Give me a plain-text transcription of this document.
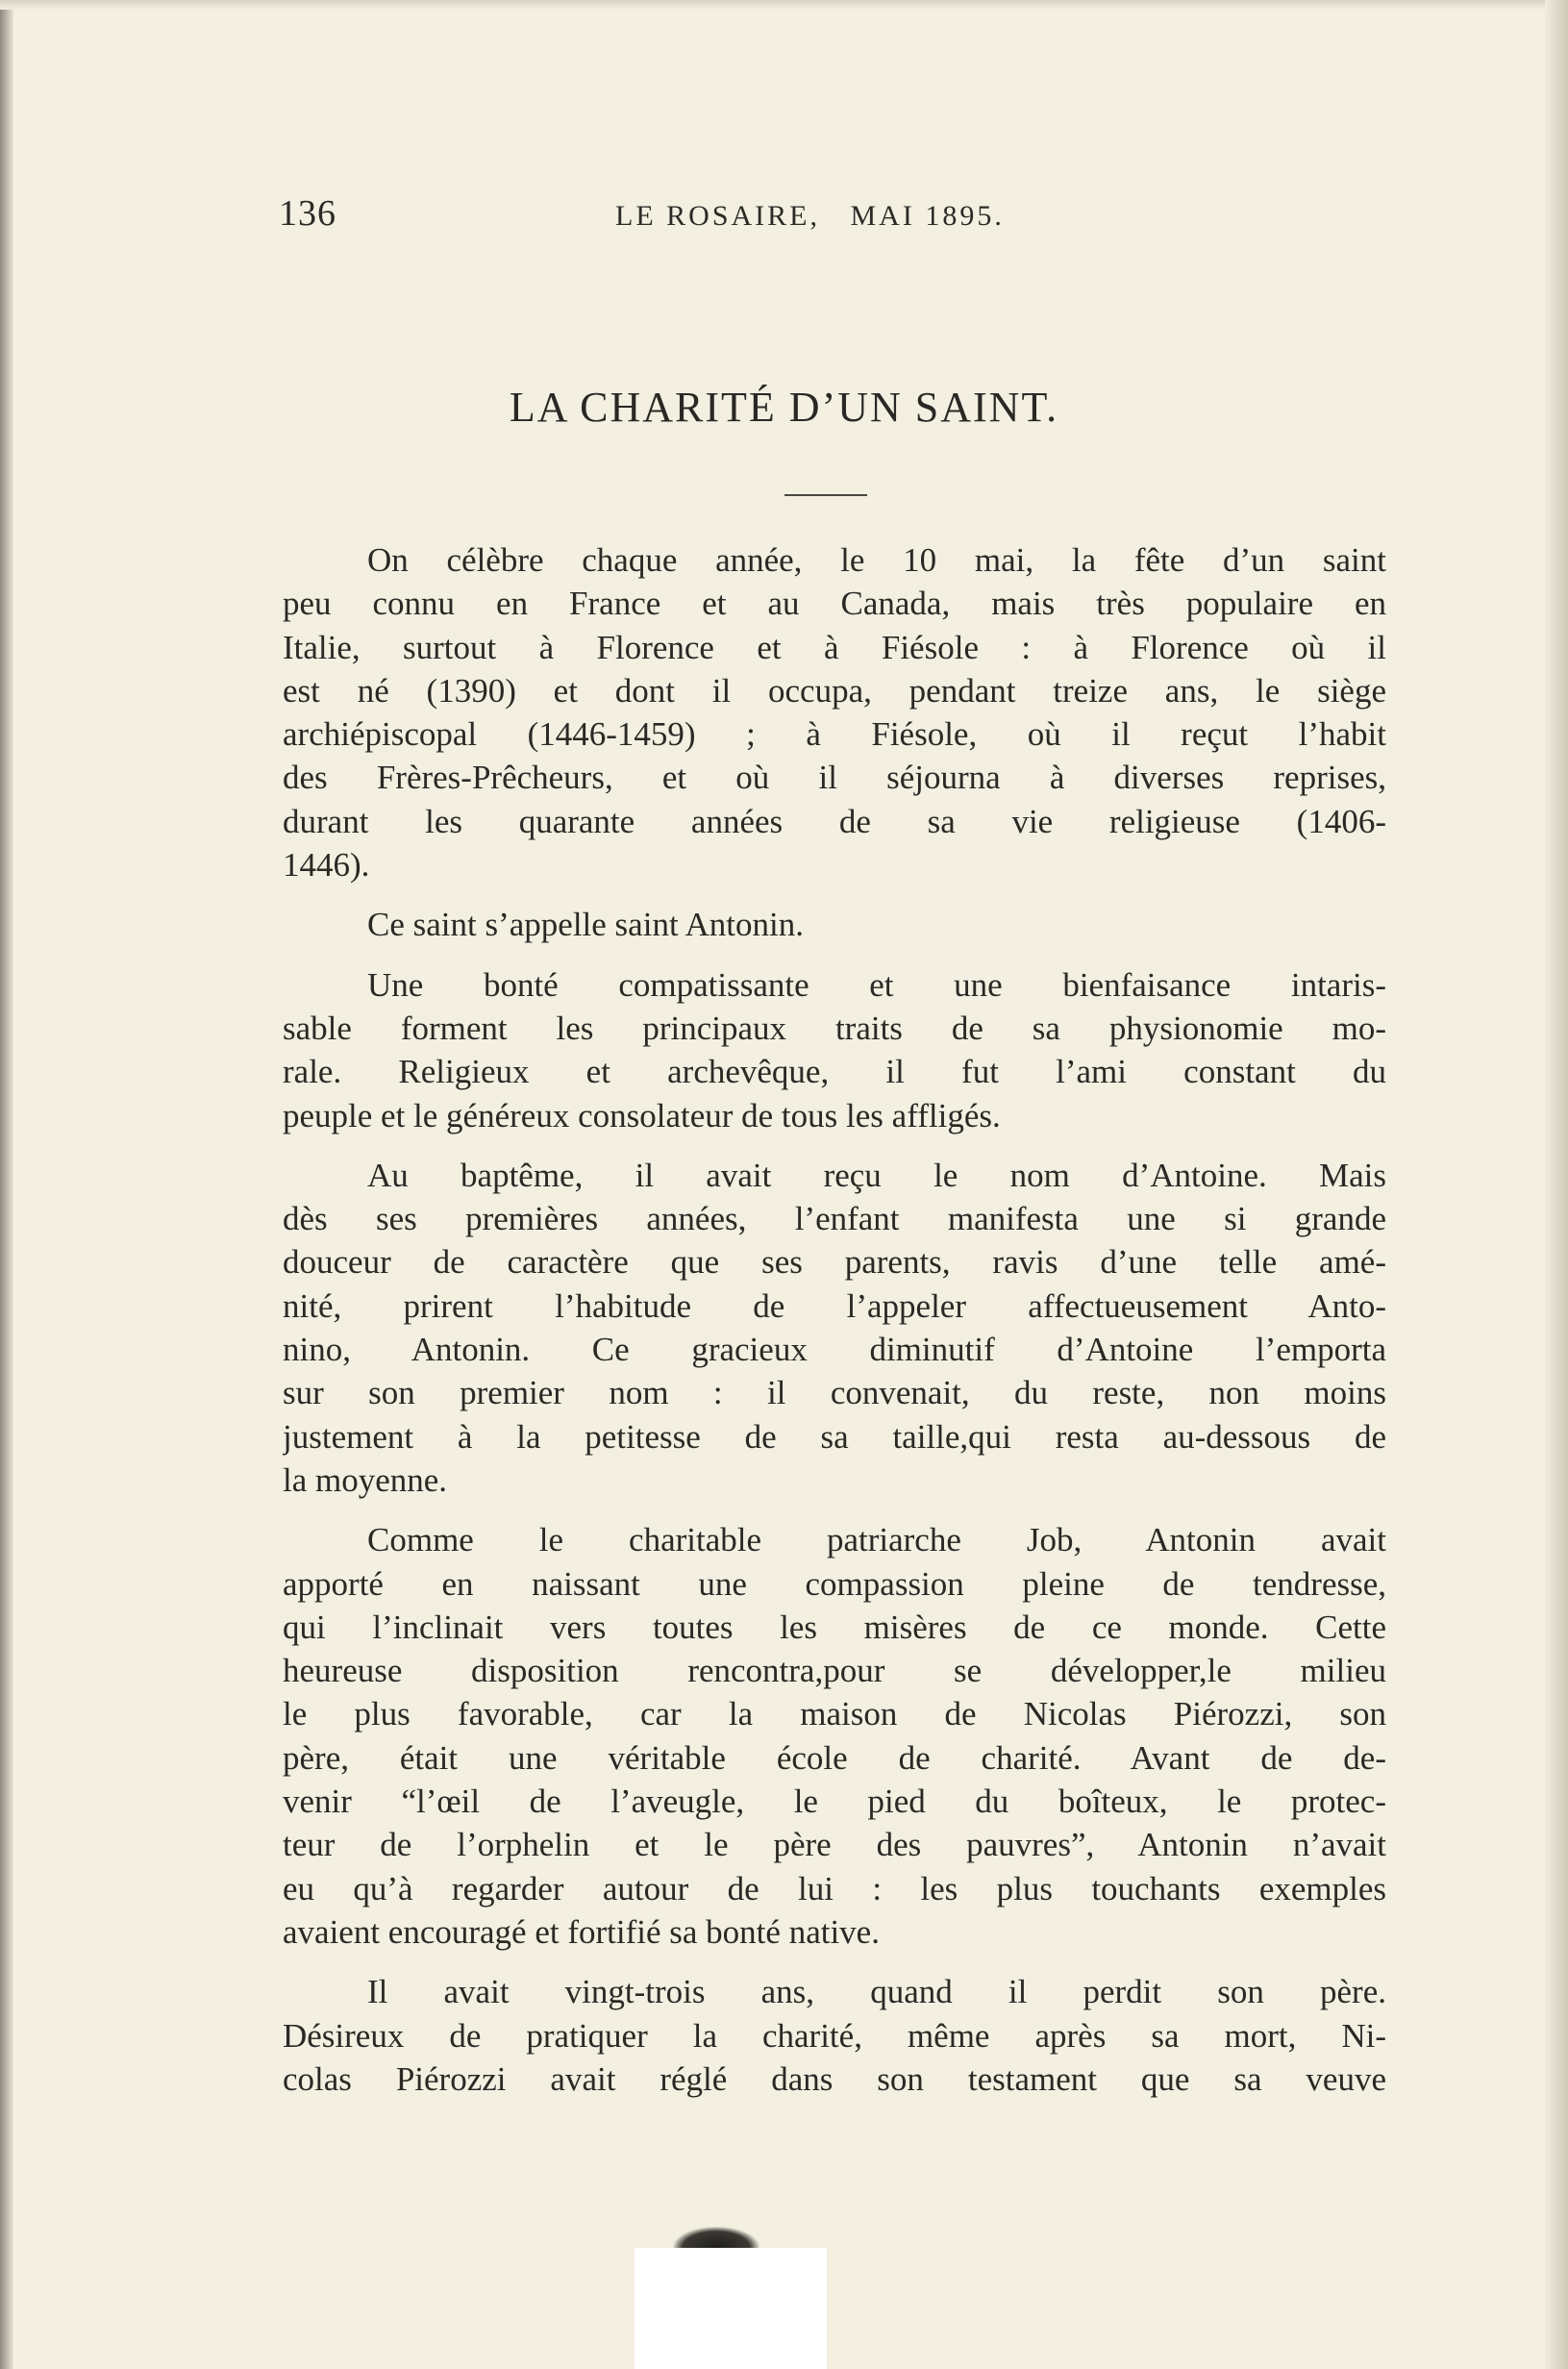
136	LE ROSAIRE,   MAI 1895.
LA CHARITÉ D’UN SAINT.
On célèbre chaque année, le 10 mai, la fête d’un saint
peu connu en France et au Canada, mais très populaire en
Italie, surtout à Florence et à Fiésole : à Florence où il
est né (1390) et dont il occupa, pendant treize ans, le siège
archiépiscopal (1446-1459) ; à Fiésole, où il reçut l’habit
des Frères-Prêcheurs, et où il séjourna à diverses reprises,
durant les quarante années de sa vie religieuse (1406-
1446).
Ce saint s’appelle saint Antonin.
Une bonté compatissante et une bienfaisance intaris-
sable forment les principaux traits de sa physionomie mo-
rale. Religieux et archevêque, il fut l’ami constant du
peuple et le généreux consolateur de tous les affligés.
Au baptême, il avait reçu le nom d’Antoine. Mais
dès ses premières années, l’enfant manifesta une si grande
douceur de caractère que ses parents, ravis d’une telle amé-
nité, prirent l’habitude de l’appeler affectueusement Anto-
nino, Antonin. Ce gracieux diminutif d’Antoine l’emporta
sur son premier nom : il convenait, du reste, non moins
justement à la petitesse de sa taille,qui resta au-dessous de
la moyenne.
Comme le charitable patriarche Job, Antonin avait
apporté en naissant une compassion pleine de tendresse,
qui l’inclinait vers toutes les misères de ce monde. Cette
heureuse disposition rencontra,pour se développer,le milieu
le plus favorable, car la maison de Nicolas Piérozzi, son
père, était une véritable école de charité. Avant de de-
venir “l’œil de l’aveugle, le pied du boîteux, le protec-
teur de l’orphelin et le père des pauvres”, Antonin n’avait
eu qu’à regarder autour de lui : les plus touchants exemples
avaient encouragé et fortifié sa bonté native.
Il avait vingt-trois ans, quand il perdit son père.
Désireux de pratiquer la charité, même après sa mort, Ni-
colas Piérozzi avait réglé dans son testament que sa veuve
